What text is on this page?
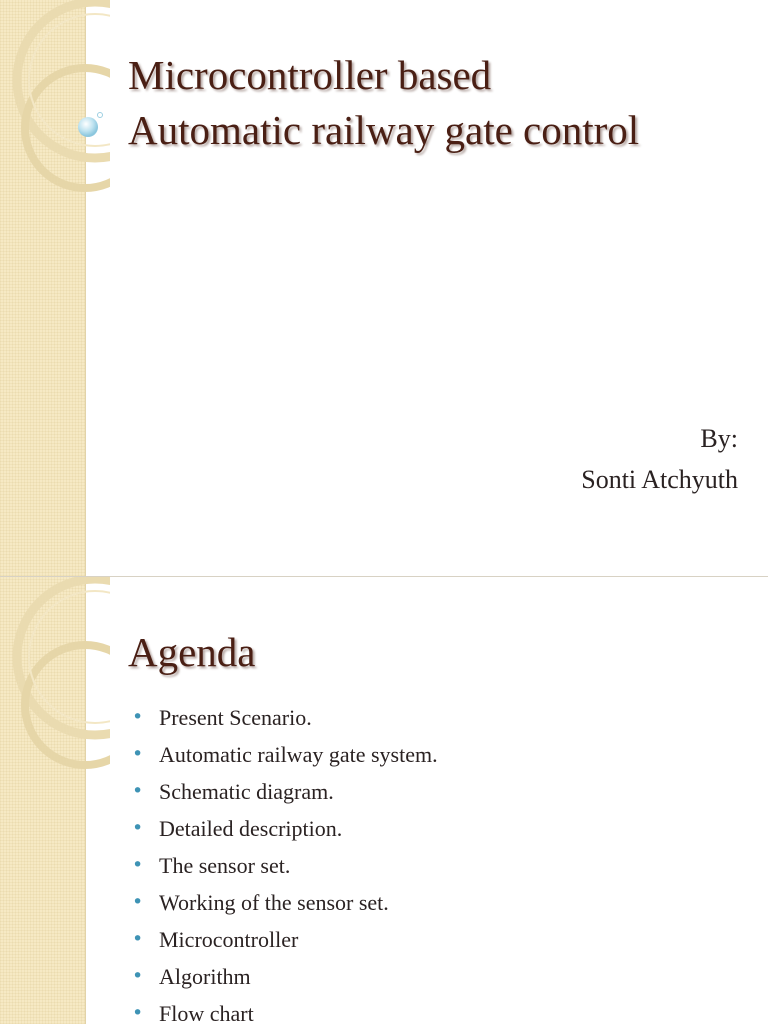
Microcontroller based
Automatic railway gate control
By:
Sonti Atchyuth
Agenda
• Present Scenario.
• Automatic railway gate system.
• Schematic diagram.
• Detailed description.
• The sensor set.
• Working of the sensor set.
• Microcontroller
• Algorithm
• Flow chart
